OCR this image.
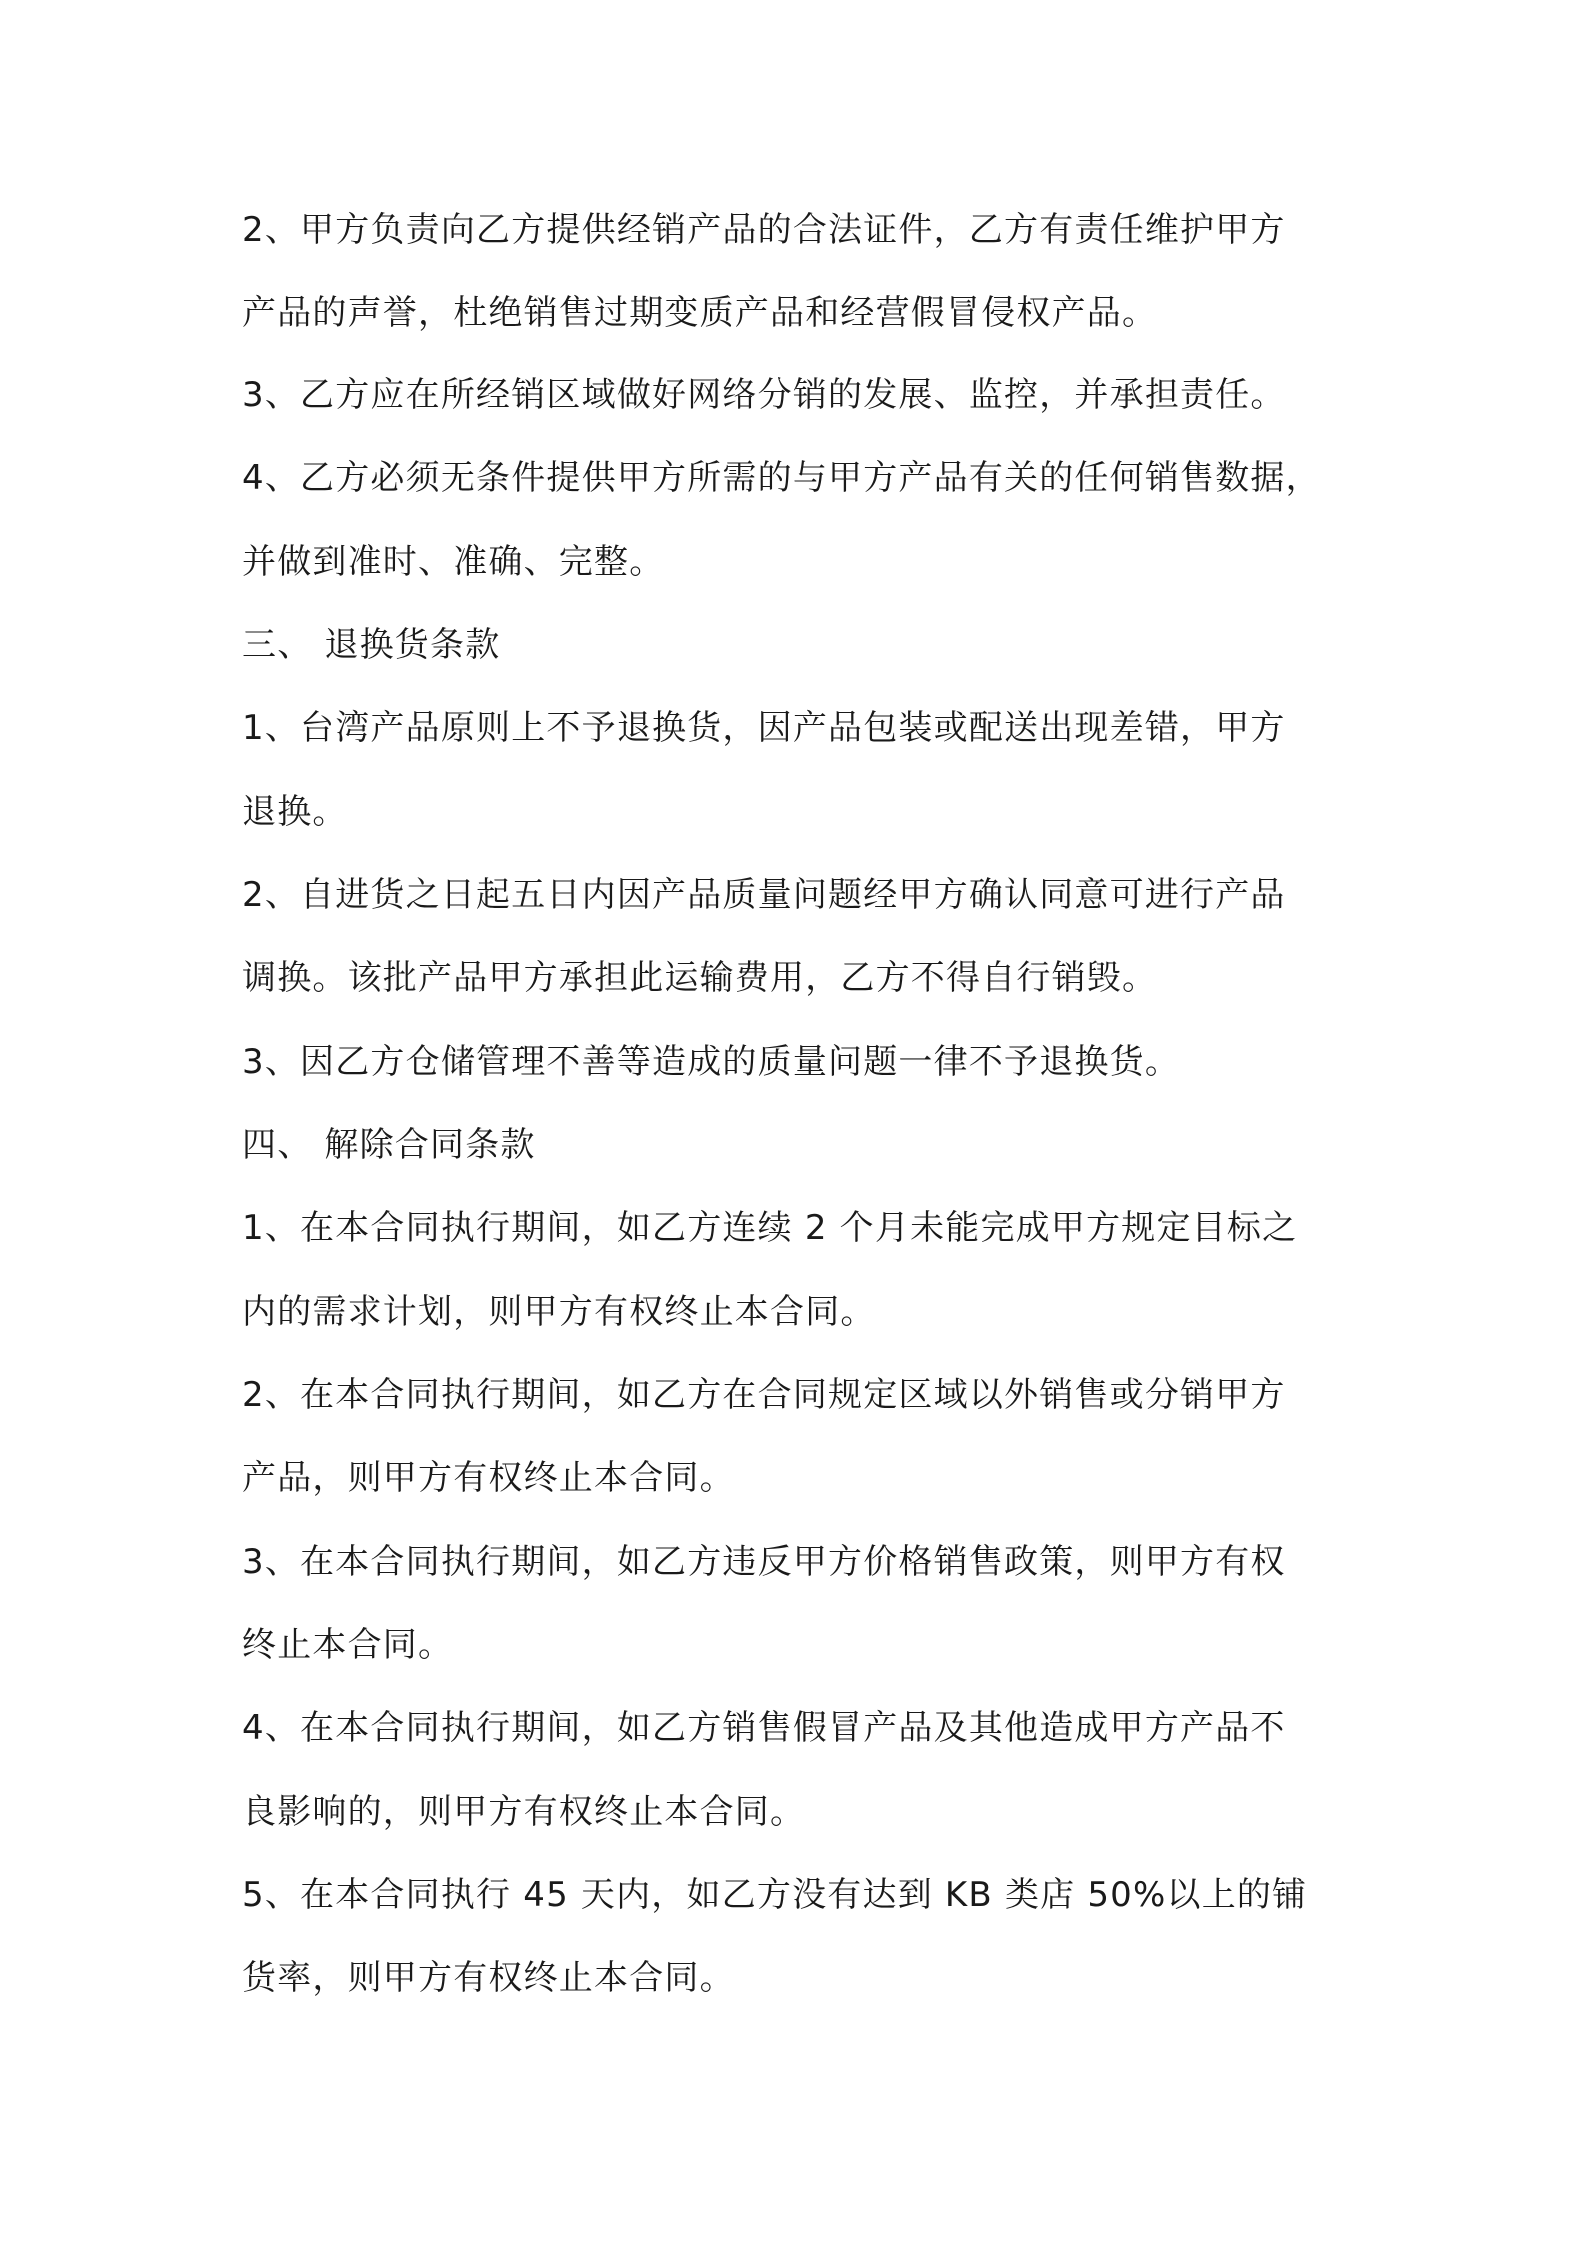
2、甲方负责向乙方提供经销产品的合法证件，乙方有责任维护甲方
产品的声誉，杜绝销售过期变质产品和经营假冒侵权产品。
3、乙方应在所经销区域做好网络分销的发展、监控，并承担责任。
4、乙方必须无条件提供甲方所需的与甲方产品有关的任何销售数据，
并做到准时、准确、完整。
三、 退换货条款
1、台湾产品原则上不予退换货，因产品包装或配送出现差错，甲方
退换。
2、自进货之日起五日内因产品质量问题经甲方确认同意可进行产品
调换。该批产品甲方承担此运输费用，乙方不得自行销毁。
3、因乙方仓储管理不善等造成的质量问题一律不予退换货。
四、 解除合同条款
1、在本合同执行期间，如乙方连续 2 个月未能完成甲方规定目标之
内的需求计划，则甲方有权终止本合同。
2、在本合同执行期间，如乙方在合同规定区域以外销售或分销甲方
产品，则甲方有权终止本合同。
3、在本合同执行期间，如乙方违反甲方价格销售政策，则甲方有权
终止本合同。
4、在本合同执行期间，如乙方销售假冒产品及其他造成甲方产品不
良影响的，则甲方有权终止本合同。
5、在本合同执行 45 天内，如乙方没有达到 KB 类店 50%以上的铺
货率，则甲方有权终止本合同。
